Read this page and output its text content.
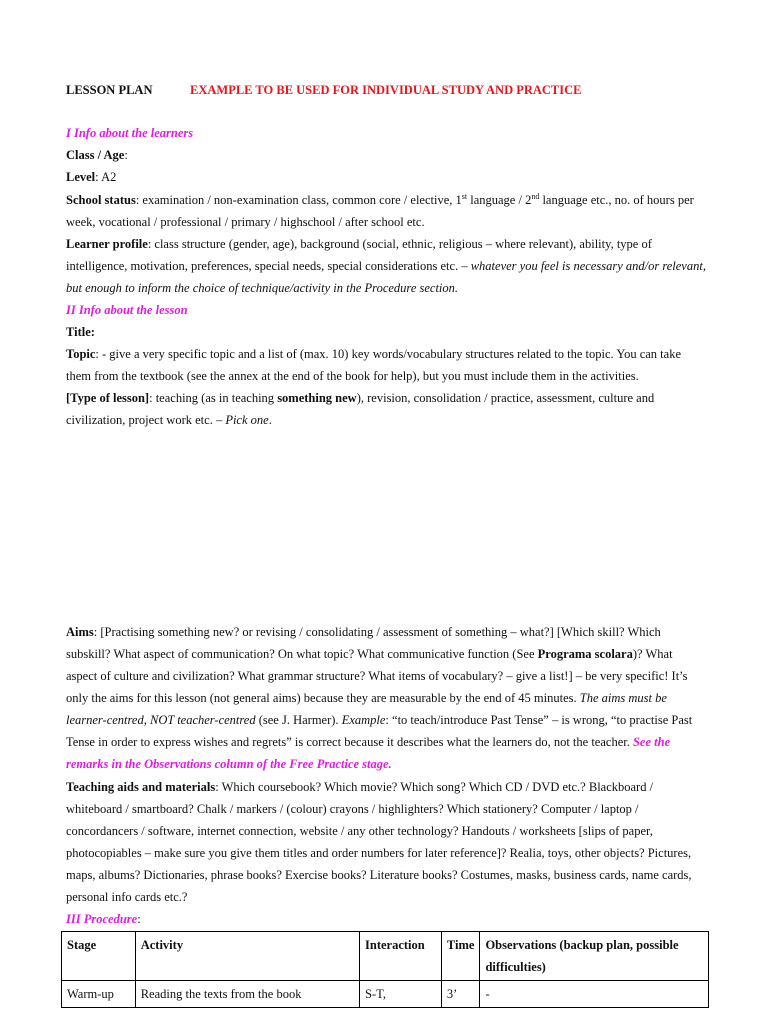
LESSON PLAN	EXAMPLE TO BE USED FOR INDIVIDUAL STUDY AND PRACTICE
I Info about the learners
Class / Age:
Level: A2
School status: examination / non-examination class, common core / elective, 1st language / 2nd language etc., no. of hours per week, vocational / professional / primary / highschool / after school etc.
Learner profile: class structure (gender, age), background (social, ethnic, religious – where relevant), ability, type of intelligence, motivation, preferences, special needs, special considerations etc. – whatever you feel is necessary and/or relevant, but enough to inform the choice of technique/activity in the Procedure section.
II Info about the lesson
Title:
Topic: - give a very specific topic and a list of (max. 10) key words/vocabulary structures related to the topic. You can take them from the textbook (see the annex at the end of the book for help), but you must include them in the activities.
[Type of lesson]: teaching (as in teaching something new), revision, consolidation / practice, assessment, culture and civilization, project work etc. – Pick one.
Aims: [Practising something new? or revising / consolidating / assessment of something – what?] [Which skill? Which subskill? What aspect of communication? On what topic? What communicative function (See Programa scolara)? What aspect of culture and civilization? What grammar structure? What items of vocabulary? – give a list!] – be very specific! It’s only the aims for this lesson (not general aims) because they are measurable by the end of 45 minutes. The aims must be learner-centred, NOT teacher-centred (see J. Harmer). Example: “to teach/introduce Past Tense” – is wrong, “to practise Past Tense in order to express wishes and regrets” is correct because it describes what the learners do, not the teacher. See the remarks in the Observations column of the Free Practice stage.
Teaching aids and materials: Which coursebook? Which movie? Which song? Which CD / DVD etc.? Blackboard / whiteboard / smartboard? Chalk / markers / (colour) crayons / highlighters? Which stationery? Computer / laptop / concordancers / software, internet connection, website / any other technology? Handouts / worksheets [slips of paper, photocopiables – make sure you give them titles and order numbers for later reference]? Realia, toys, other objects? Pictures, maps, albums? Dictionaries, phrase books? Exercise books? Literature books? Costumes, masks, business cards, name cards, personal info cards etc.?
III Procedure:
Stage	Activity	Interaction	Time	Observations (backup plan, possible difficulties)
Warm-up	Reading the texts from the book	S-T,	3’	-
